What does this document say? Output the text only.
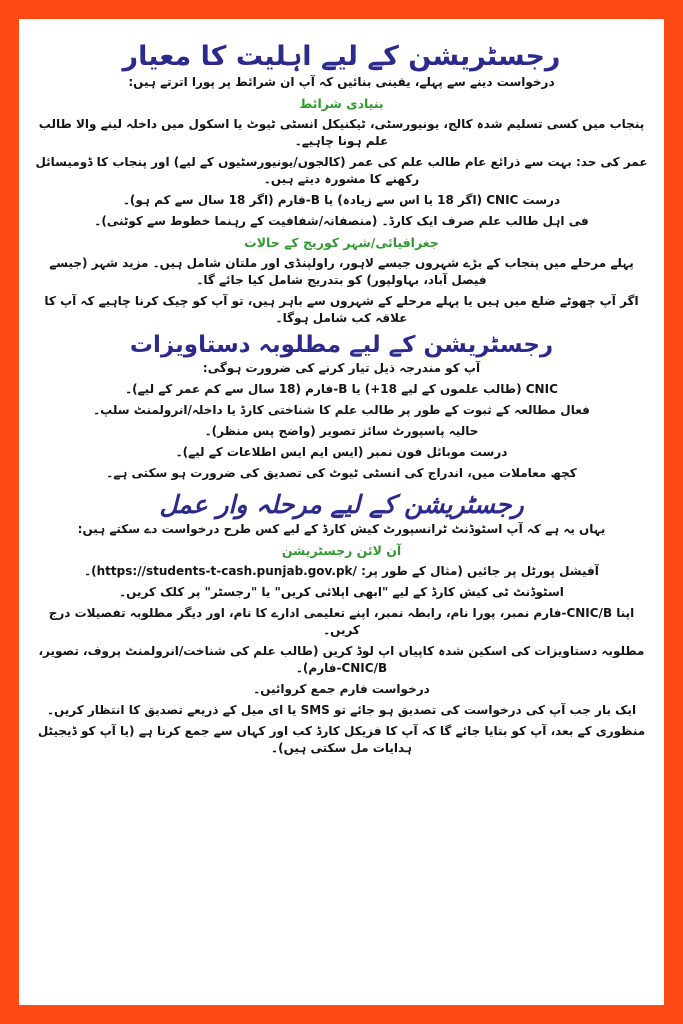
رجسٹریشن کے لیے اہلیت کا معیار
درخواست دینے سے پہلے، یقینی بنائیں کہ آپ ان شرائط پر پورا اترتے ہیں:
بنیادی شرائط
پنجاب میں کسی تسلیم شدہ کالج، یونیورسٹی، ٹیکنیکل انسٹی ٹیوٹ یا اسکول میں داخلہ لینے والا طالب علم ہونا چاہیے۔
عمر کی حد: بہت سے ذرائع عام طالب علم کی عمر (کالجوں/یونیورسٹیوں کے لیے) اور پنجاب کا ڈومیسائل رکھنے کا مشورہ دیتے ہیں۔
درست CNIC (اگر 18 یا اس سے زیادہ) یا B-فارم (اگر 18 سال سے کم ہو)۔
فی اہل طالب علم صرف ایک کارڈ۔ (منصفانہ/شفافیت کے رہنما خطوط سے کوٹنی)۔
جغرافیائی/شہر کوریج کے حالات
پہلے مرحلے میں پنجاب کے بڑے شہروں جیسے لاہور، راولپنڈی اور ملتان شامل ہیں۔ مزید شہر (جیسے فیصل آباد، بہاولپور) کو بتدریج شامل کیا جائے گا۔
اگر آپ چھوٹے ضلع میں ہیں یا پہلے مرحلے کے شہروں سے باہر ہیں، تو آپ کو چیک کرنا چاہیے کہ آپ کا علاقہ کب شامل ہوگا۔
رجسٹریشن کے لیے مطلوبہ دستاویزات
آپ کو مندرجہ ذیل تیار کرنے کی ضرورت ہوگی:
CNIC (طالب علموں کے لیے 18+) یا B-فارم (18 سال سے کم عمر کے لیے)۔
فعال مطالعہ کے ثبوت کے طور پر طالب علم کا شناختی کارڈ یا داخلہ/انرولمنٹ سلپ۔
حالیہ پاسپورٹ سائز تصویر (واضح پس منظر)۔
درست موبائل فون نمبر (ایس ایم ایس اطلاعات کے لیے)۔
کچھ معاملات میں، اندراج کی انسٹی ٹیوٹ کی تصدیق کی ضرورت ہو سکتی ہے۔
رجسٹریشن کے لیے مرحلہ وار عمل
یہاں یہ ہے کہ آپ اسٹوڈنٹ ٹرانسپورٹ کیش کارڈ کے لیے کس طرح درخواست دے سکتے ہیں:
آن لائن رجسٹریشن
آفیشل پورٹل پر جائیں (مثال کے طور پر: https://students-t-cash.punjab.gov.pk/)۔
اسٹوڈنٹ ٹی کیش کارڈ کے لیے "ابھی اپلائی کریں" یا "رجسٹر" پر کلک کریں۔
اپنا CNIC/B-فارم نمبر، پورا نام، رابطہ نمبر، اپنے تعلیمی ادارے کا نام، اور دیگر مطلوبہ تفصیلات درج کریں۔
مطلوبہ دستاویزات کی اسکین شدہ کاپیاں اپ لوڈ کریں (طالب علم کی شناخت/انرولمنٹ پروف، تصویر، CNIC/B-فارم)۔
درخواست فارم جمع کروائیں۔
ایک بار جب آپ کی درخواست کی تصدیق ہو جائے تو SMS یا ای میل کے ذریعے تصدیق کا انتظار کریں۔
منظوری کے بعد، آپ کو بتایا جائے گا کہ آپ کا فزیکل کارڈ کب اور کہاں سے جمع کرنا ہے (یا آپ کو ڈیجیٹل ہدایات مل سکتی ہیں)۔
